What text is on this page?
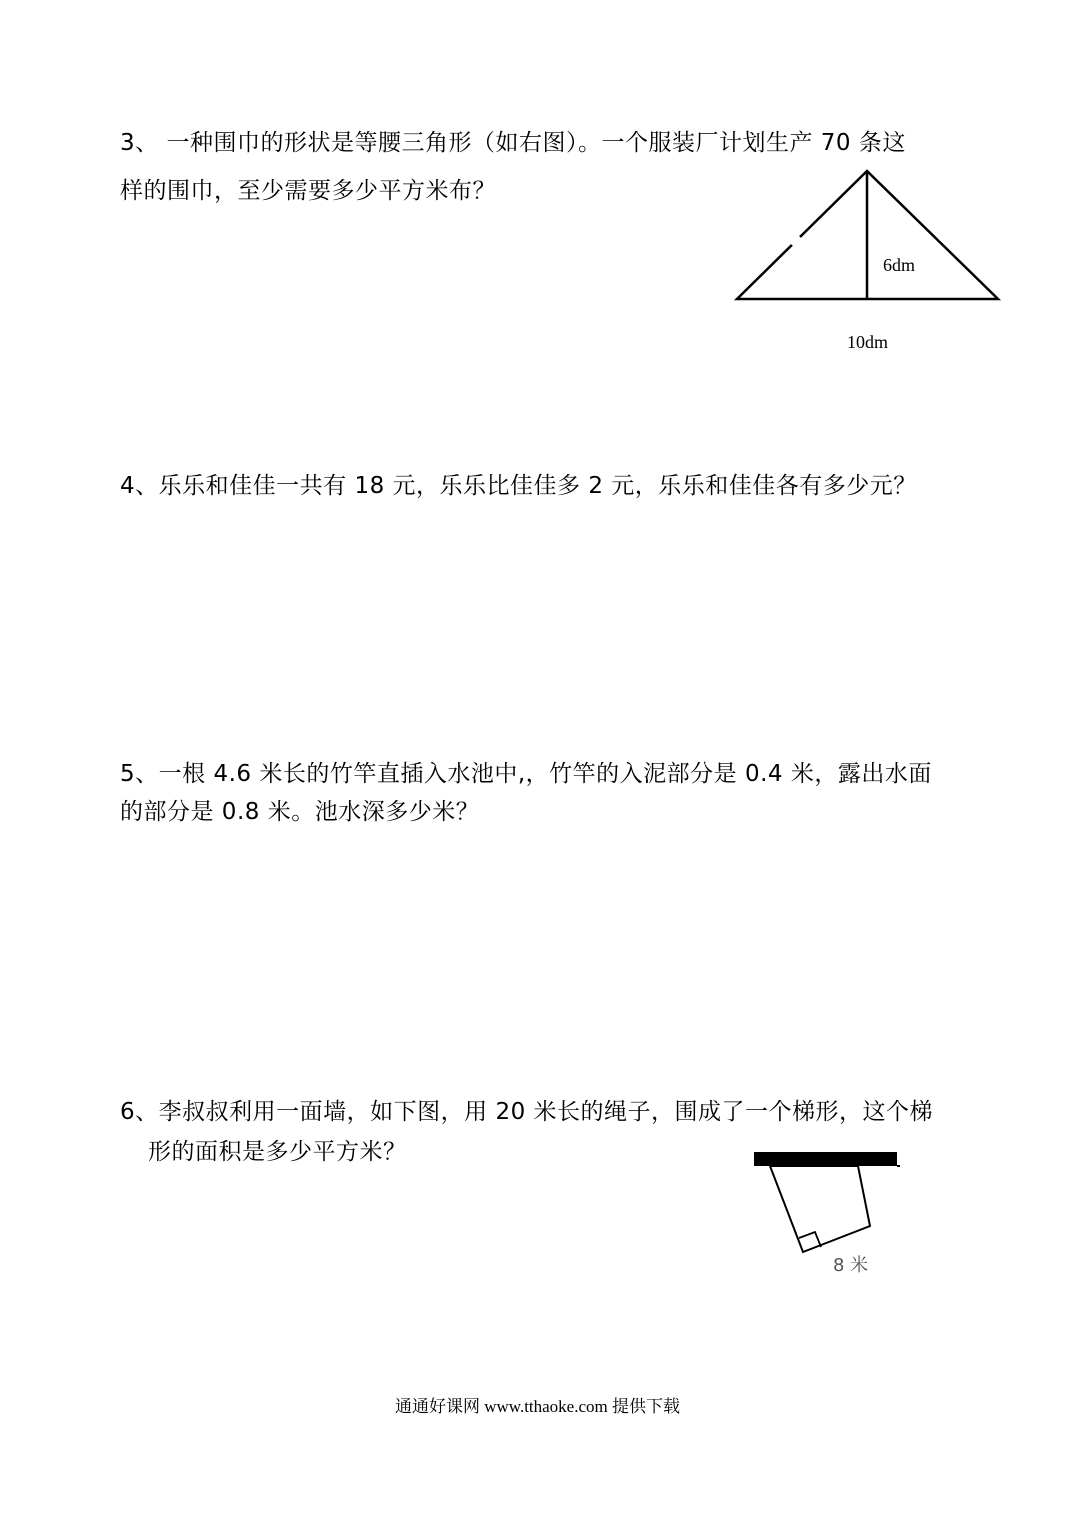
3、 一种围巾的形状是等腰三角形（如右图）。一个服装厂计划生产 70 条这
样的围巾，至少需要多少平方米布？
6dm
10dm
4、乐乐和佳佳一共有 18 元，乐乐比佳佳多 2 元，乐乐和佳佳各有多少元？
5、一根 4.6 米长的竹竿直插入水池中,，竹竿的入泥部分是 0.4 米，露出水面
的部分是 0.8 米。池水深多少米？
6、李叔叔利用一面墙，如下图，用 20 米长的绳子，围成了一个梯形，这个梯
形的面积是多少平方米？
8 米
通通好课网 www.tthaoke.com 提供下载
